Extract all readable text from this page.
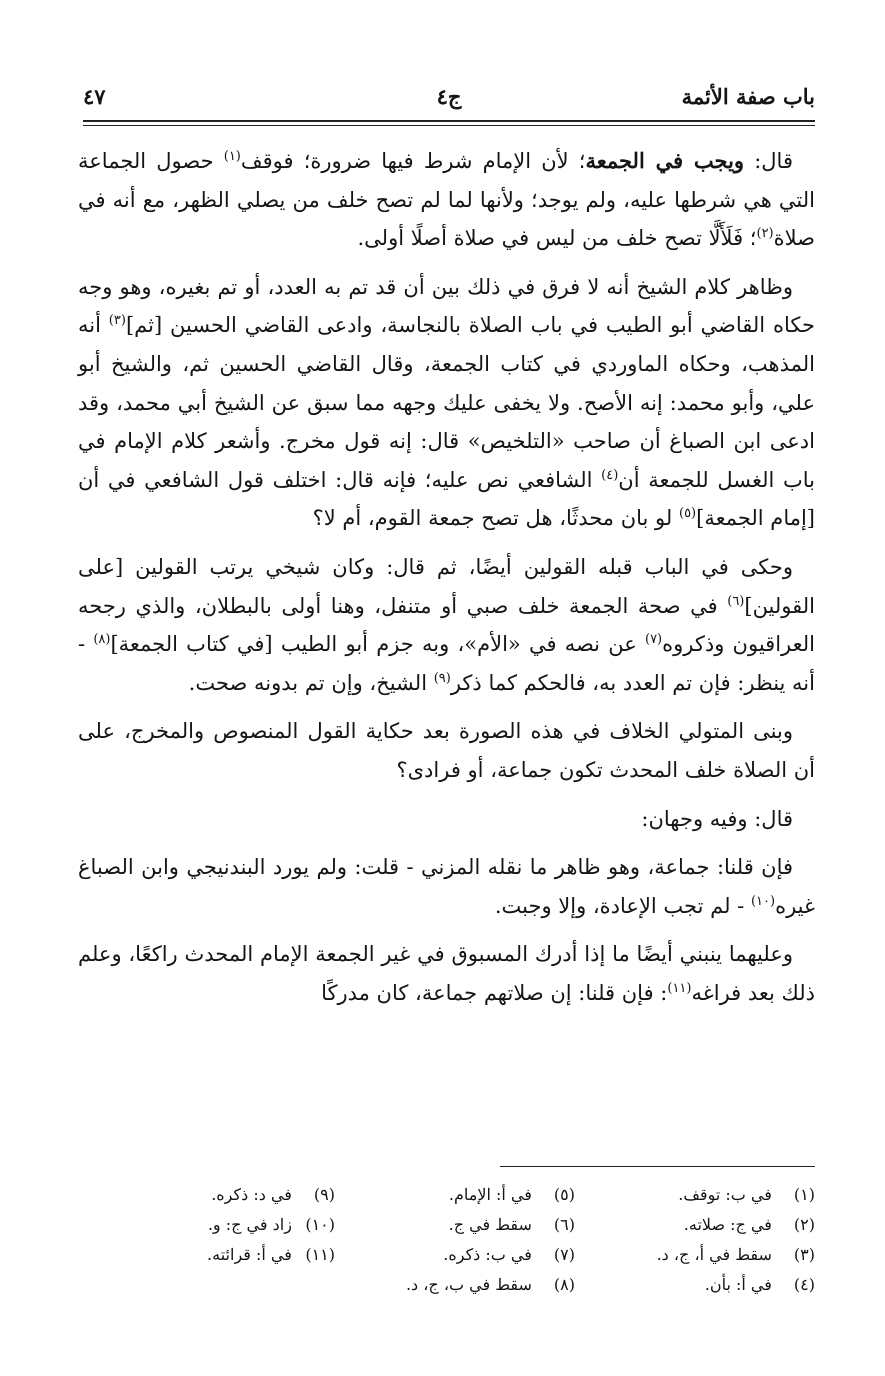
باب صفة الأئمة
ج٤
٤٧

قال: ويجب في الجمعة؛ لأن الإمام شرط فيها ضرورة؛ فوقف$^{(١)}$ حصول الجماعة التي هي شرطها عليه، ولم يوجد؛ ولأنها لما لم تصح خلف من يصلي الظهر، مع أنه في صلاة$^{(٢)}$؛ فَلَأَلَّا تصح خلف من ليس في صلاة أصلًا أولى.

وظاهر كلام الشيخ أنه لا فرق في ذلك بين أن قد تم به العدد، أو تم بغيره، وهو وجه حكاه القاضي أبو الطيب في باب الصلاة بالنجاسة، وادعى القاضي الحسين [ثم]$^{(٣)}$ أنه المذهب، وحكاه الماوردي في كتاب الجمعة، وقال القاضي الحسين ثم، والشيخ أبو علي، وأبو محمد: إنه الأصح. ولا يخفى عليك وجهه مما سبق عن الشيخ أبي محمد، وقد ادعى ابن الصباغ أن صاحب «التلخيص» قال: إنه قول مخرج. وأشعر كلام الإمام في باب الغسل للجمعة أن$^{(٤)}$ الشافعي نص عليه؛ فإنه قال: اختلف قول الشافعي في أن [إمام الجمعة]$^{(٥)}$ لو بان محدثًا، هل تصح جمعة القوم، أم لا؟

وحكى في الباب قبله القولين أيضًا، ثم قال: وكان شيخي يرتب القولين [على القولين]$^{(٦)}$ في صحة الجمعة خلف صبي أو متنفل، وهنا أولى بالبطلان، والذي رجحه العراقيون وذكروه$^{(٧)}$ عن نصه في «الأم»، وبه جزم أبو الطيب [في كتاب الجمعة]$^{(٨)}$ - أنه ينظر: فإن تم العدد به، فالحكم كما ذكر$^{(٩)}$ الشيخ، وإن تم بدونه صحت.

وبنى المتولي الخلاف في هذه الصورة بعد حكاية القول المنصوص والمخرج، على أن الصلاة خلف المحدث تكون جماعة، أو فرادى؟

قال: وفيه وجهان:

فإن قلنا: جماعة، وهو ظاهر ما نقله المزني - قلت: ولم يورد البندنيجي وابن الصباغ غيره$^{(١٠)}$ - لم تجب الإعادة، وإلا وجبت.

وعليهما ينبني أيضًا ما إذا أدرك المسبوق في غير الجمعة الإمام المحدث راكعًا، وعلم ذلك بعد فراغه$^{(١١)}$: فإن قلنا: إن صلاتهم جماعة، كان مدركًا

(١) في ب: توقف.
(٢) في ج: صلاته.
(٣) سقط في أ، ج، د.
(٤) في أ: بأن.
(٥) في أ: الإمام.
(٦) سقط في ج.
(٧) في ب: ذكره.
(٨) سقط في ب، ج، د.
(٩) في د: ذكره.
(١٠) زاد في ج: و.
(١١) في أ: قرائته.
